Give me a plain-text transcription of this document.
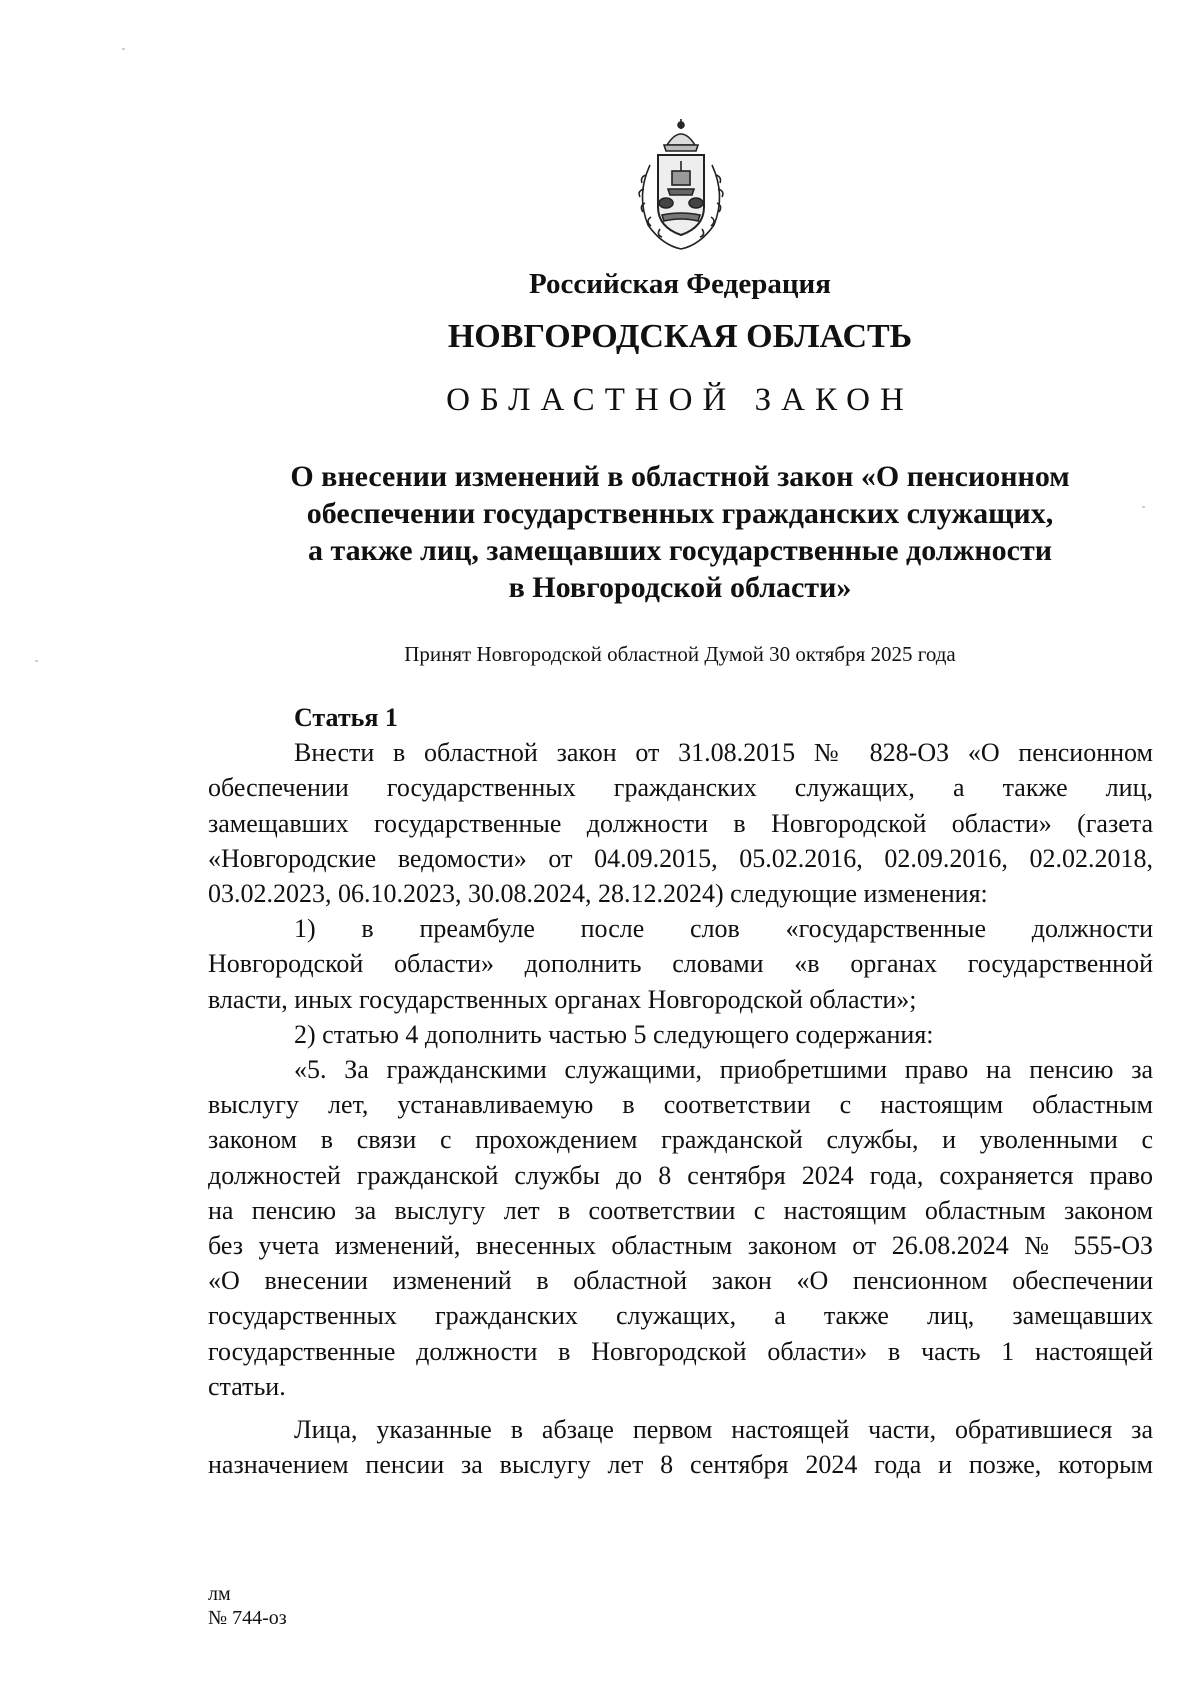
Российская Федерация
НОВГОРОДСКАЯ ОБЛАСТЬ
ОБЛАСТНОЙ ЗАКОН
О внесении изменений в областной закон «О пенсионном
обеспечении государственных гражданских служащих,
а также лиц, замещавших государственные должности
в Новгородской области»
Принят Новгородской областной Думой 30 октября 2025 года

Статья 1

Внести в областной закон от 31.08.2015 № 828-ОЗ «О пенсионном
обеспечении государственных гражданских служащих, а также лиц,
замещавших государственные должности в Новгородской области» (газета
«Новгородские ведомости» от 04.09.2015, 05.02.2016, 02.09.2016, 02.02.2018,
03.02.2023, 06.10.2023, 30.08.2024, 28.12.2024) следующие изменения:
1) в преамбуле после слов «государственные должности
Новгородской области» дополнить словами «в органах государственной
власти, иных государственных органах Новгородской области»;
2) статью 4 дополнить частью 5 следующего содержания:
«5. За гражданскими служащими, приобретшими право на пенсию за
выслугу лет, устанавливаемую в соответствии с настоящим областным
законом в связи с прохождением гражданской службы, и уволенными с
должностей гражданской службы до 8 сентября 2024 года, сохраняется право
на пенсию за выслугу лет в соответствии с настоящим областным законом
без учета изменений, внесенных областным законом от 26.08.2024 № 555-ОЗ
«О внесении изменений в областной закон «О пенсионном обеспечении
государственных гражданских служащих, а также лиц, замещавших
государственные должности в Новгородской области» в часть 1 настоящей
статьи.
Лица, указанные в абзаце первом настоящей части, обратившиеся за
назначением пенсии за выслугу лет 8 сентября 2024 года и позже, которым
лм
№ 744-оз
